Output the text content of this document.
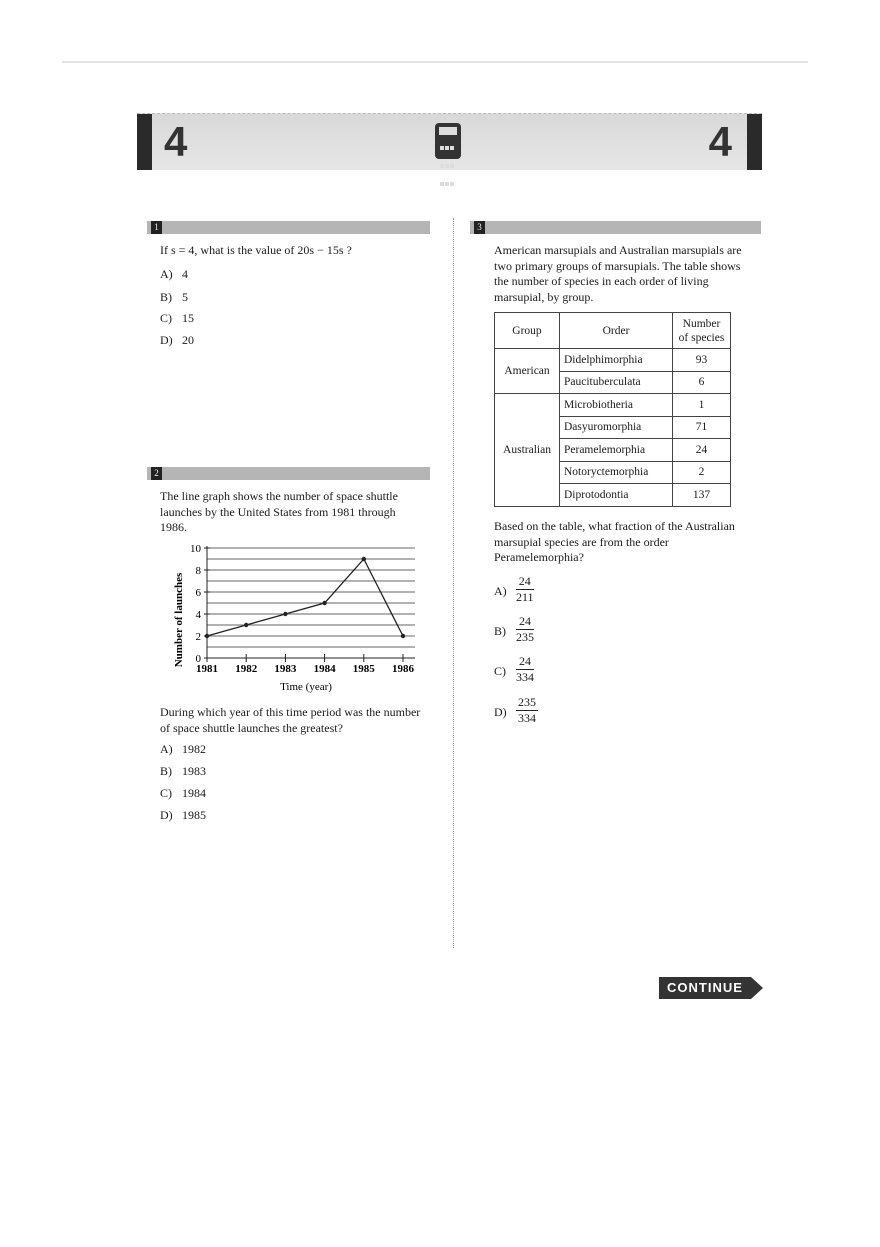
4	4
1
If s = 4, what is the value of 20s − 15s ?
A) 4
B) 5
C) 15
D) 20
2
The line graph shows the number of space shuttle launches by the United States from 1981 through 1986.
0
2
4
6
8
10
1981 1982 1983 1984 1985 1986
Number of launches
Time (year)
During which year of this time period was the number of space shuttle launches the greatest?
A) 1982
B) 1983
C) 1984
D) 1985
3
American marsupials and Australian marsupials are two primary groups of marsupials. The table shows the number of species in each order of living marsupial, by group.
Group	Order	Number
of species
American	Didelphimorphia	93
	Paucituberculata	6
Australian	Microbiotheria	1
	Dasyuromorphia	71
	Peramelemorphia	24
	Notoryctemorphia	2
	Diprotodontia	137
Based on the table, what fraction of the Australian marsupial species are from the order Peramelemorphia?
$A) \frac{24}{211}$
$B) \frac{24}{235}$
$C) \frac{24}{334}$
$D) \frac{235}{334}$
CONTINUE
